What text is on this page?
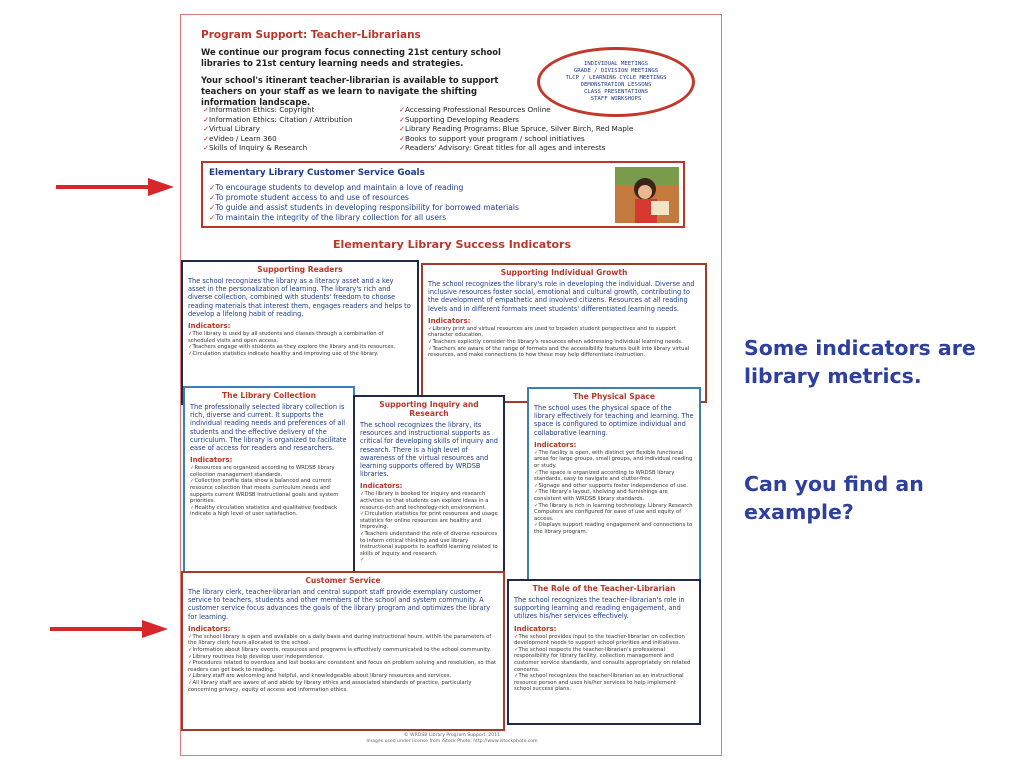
Program Support: Teacher-Librarians
We continue our program focus connecting 21st century school libraries to 21st century learning needs and strategies.
Your school's itinerant teacher-librarian is available to support teachers on your staff as we learn to navigate the shifting information landscape.
INDIVIDUAL MEETINGS
GRADE / DIVISION MEETINGS
TLCP / LEARNING CYCLE MEETINGS
DEMONSTRATION LESSONS
CLASS PRESENTATIONS
STAFF WORKSHOPS
✓ Information Ethics: Copyright
✓ Information Ethics: Citation / Attribution
✓ Virtual Library
✓ eVideo / Learn 360
✓ Skills of Inquiry & Research
✓ Accessing Professional Resources Online
✓ Supporting Developing Readers
✓ Library Reading Programs: Blue Spruce, Silver Birch, Red Maple
✓ Books to support your program / school initiatives
✓ Readers' Advisory: Great titles for all ages and interests
Elementary Library Customer Service Goals
✓ To encourage students to develop and maintain a love of reading
✓ To promote student access to and use of resources
✓ To guide and assist students in developing responsibility for borrowed materials
✓ To maintain the integrity of the library collection for all users
Elementary Library Success Indicators
Supporting Readers

The school recognizes the library as a literacy asset and a key asset in the personalization of learning. The library's rich and diverse collection, combined with students' freedom to choose reading materials that interest them, engages readers and helps to develop a lifelong habit of reading.

Indicators:
✓ The library is used by all students and classes through a combination of scheduled visits and open access.
✓ Teachers engage with students as they explore the library and its resources.
✓ Circulation statistics indicate healthy and improving use of the library.
Supporting Individual Growth

The school recognizes the library's role in developing the individual. Diverse and inclusive resources foster social, emotional and cultural growth, contributing to the development of empathetic and involved citizens. Resources at all reading levels and in different formats meet students' differentiated learning needs.

Indicators:
✓ Library print and virtual resources are used to broaden student perspectives and to support character education.
✓ Teachers explicitly consider the library's resources when addressing individual learning needs.
✓ Teachers are aware of the range of formats and the accessibility features built into library virtual resources, and make connections to how these may help differentiate instruction.
The Library Collection

The professionally selected library collection is rich, diverse and current. It supports the individual reading needs and preferences of all students and the effective delivery of the curriculum. The library is organized to facilitate ease of access for readers and researchers.

Indicators:
✓ Resources are organized according to WRDSB library collection management standards.
✓ Collection profile data show a balanced and current resource collection that meets curriculum needs and supports current WRDSB instructional goals and system priorities.
✓ Healthy circulation statistics and qualitative feedback indicate a high level of user satisfaction.
Supporting Inquiry and Research

The school recognizes the library, its resources and instructional supports as critical for developing skills of inquiry and research. There is a high level of awareness of the virtual resources and learning supports offered by WRDSB libraries.

Indicators:
✓ The library is booked for inquiry and research activities so that students can explore ideas in a resource-rich and technology-rich environment.
✓ Circulation statistics for print resources and usage statistics for online resources are healthy and improving.
✓ Teachers understand the role of diverse resources to inform critical thinking and use library instructional supports to scaffold learning related to skills of inquiry and research.
✓
The Physical Space

The school uses the physical space of the library effectively for teaching and learning. The space is configured to optimize individual and collaborative learning.

Indicators:
✓ The facility is open, with distinct yet flexible functional areas for large groups, small groups, and individual reading or study.
✓ The space is organized according to WRDSB library standards, easy to navigate and clutter-free.
✓ Signage and other supports foster independence of use.
✓ The library's layout, shelving and furnishings are consistent with WRDSB library standards.
✓ The library is rich in learning technology. Library Research Computers are configured for ease of use and equity of access.
✓ Displays support reading engagement and connections to the library program.
Customer Service

The library clerk, teacher-librarian and central support staff provide exemplary customer service to teachers, students and other members of the school and system community. A customer service focus advances the goals of the library program and optimizes the library for learning.

Indicators:
✓ The school library is open and available on a daily basis and during instructional hours, within the parameters of the library clerk hours allocated to the school.
✓ Information about library events, resources and programs is effectively communicated to the school community.
✓ Library routines help develop user independence.
✓ Procedures related to overdues and lost books are consistent and focus on problem solving and resolution, so that readers can get back to reading.
✓ Library staff are welcoming and helpful, and knowledgeable about library resources and services.
✓ All library staff are aware of and abide by library ethics and associated standards of practice, particularly concerning privacy, equity of access and information ethics.
The Role of the Teacher-Librarian

The school recognizes the teacher-librarian's role in supporting learning and reading engagement, and utilizes his/her services effectively.

Indicators:
✓ The school provides input to the teacher-librarian on collection development needs to support school priorities and initiatives.
✓ The school respects the teacher-librarian's professional responsibility for library facility, collection management and customer service standards, and consults appropriately on related concerns.
✓ The school recognizes the teacher-librarian as an instructional resource person and uses his/her services to help implement school success plans.
© WRDSB Library Program Support, 2011
Images used under license from iStock Photo: http://www.istockphoto.com
Some indicators are library metrics.
Can you find an example?
